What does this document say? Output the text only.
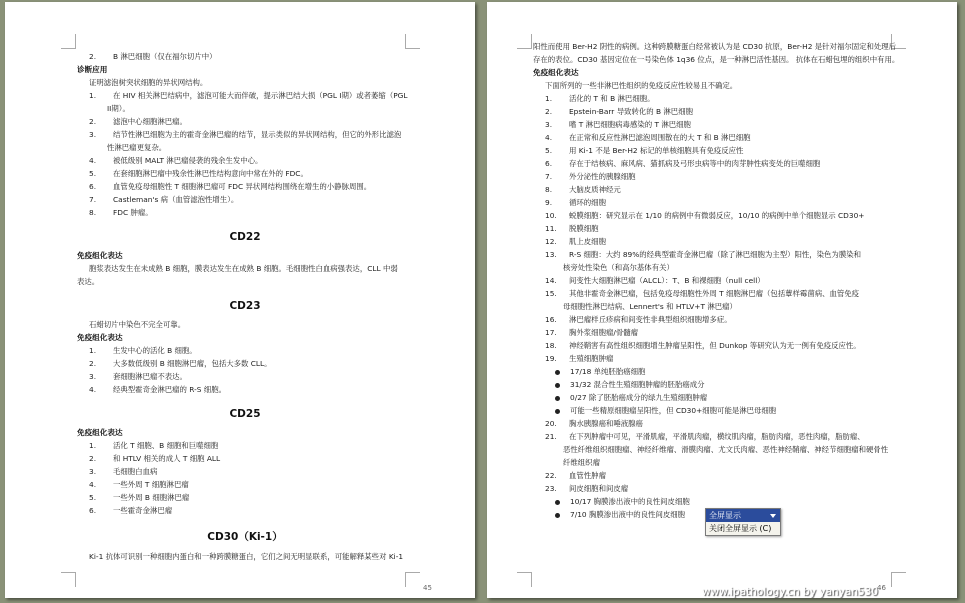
2. B 淋巴细胞（仅在福尔切片中）
诊断应用
证明滤泡树突状细胞的异状网结构。
1. 在 HIV 相关淋巴结病中，滤泡可能大而伴破，提示淋巴结大损（PGL I期）或者萎缩（PGL
II期）。
2. 滤泡中心细胞淋巴瘤。
3. 结节性淋巴细胞为主的霍奇金淋巴瘤的结节，显示类似的异状网结构，但它的外形比滤泡
性淋巴瘤更复杂。
4. 被低级别 MALT 淋巴瘤侵袭的残余生发中心。
5. 在套细胞淋巴瘤中残余性淋巴性结构意向中常在外的 FDC。
6. 血管免疫母细胞性 T 细胞淋巴瘤可 FDC 异状网结构围绕在增生的小静脉周围。
7. Castleman's 病（血管滤泡性增生）。
8. FDC 肿瘤。
CD22
免疫组化表达
胞浆表达发生在未成熟 B 细胞，膜表达发生在成熟 B 细胞。毛细胞性白血病强表达，CLL 中弱
表达。
CD23
石蜡切片中染色不完全可靠。
免疫组化表达
1. 生发中心的活化 B 细胞。
2. 大多数低级别 B 细胞淋巴瘤，包括大多数 CLL。
3. 套细胞淋巴瘤不表达。
4. 经典型霍奇金淋巴瘤的 R-S 细胞。
CD25
免疫组化表达
1. 活化 T 细胞、B 细胞和巨噬细胞
2. 和 HTLV 相关的成人 T 细胞 ALL
3. 毛细胞白血病
4. 一些外周 T 细胞淋巴瘤
5. 一些外周 B 细胞淋巴瘤
6. 一些霍奇金淋巴瘤
CD30（Ki-1）
Ki-1 抗体可识别一种细胞内蛋白和一种跨膜糖蛋白，它们之间无明显联系，可能解释某些对 Ki-1
45
阳性而使用 Ber-H2 阴性的病例。这种跨膜糖蛋白经常被认为是 CD30 抗原，Ber-H2 是针对福尔固定和处理后存在的表位。CD30 基因定位在一号染色体 1q36 位点，是一种淋巴活性基因。 抗体在石蜡包埋的组织中有用。
免疫组化表达
下面所列的一些非淋巴性组织的免疫反应性较易且不确定。
1. 活化的 T 和 B 淋巴细胞。
2. Epstein-Barr 导致转化的 B 淋巴细胞
3. 嗜 T 淋巴细胞病毒感染的 T 淋巴细胞
4. 在正常和反应性淋巴滤泡周围散在的大 T 和 B 淋巴细胞
5. 用 Ki-1 不是 Ber-H2 标记的单核细胞具有免疫反应性
6. 存在于结核病、麻风病、猫抓病及弓形虫病等中的肉芽肿性病变处的巨噬细胞
7. 外分泌性的胰腺细胞
8. 大脑皮质神经元
9. 循环的细胞
10. 蜕膜细胞：研究显示在 1/10 的病例中有微弱反应，10/10 的病例中单个细胞显示 CD30+
11. 脱膜细胞
12. 肌上皮细胞
13. R-S 细胞：大约 89%的经典型霍奇金淋巴瘤（除了淋巴细胞为主型）阳性，染色为膜染和
核旁处性染色（和高尔基体有关）
14. 间变性大细胞淋巴瘤（ALCL）：T、B 和裸细胞（null cell）
15. 其他非霍奇金淋巴瘤，包括免疫母细胞性外周 T 细胞淋巴瘤（包括蕈样霉菌病、血管免疫
母细胞性淋巴结病、Lennert's 和 HTLV+T 淋巴瘤）
16. 淋巴瘤样丘疹病和间变性非典型组织细胞增多症。
17. 胸外浆细胞瘤/骨髓瘤
18. 神经鞘害有高性组织细胞增生肿瘤呈阳性，但 Dunkop 等研究认为无一例有免疫反应性。
19. 生殖细胞肿瘤
17/18 单纯胚胎癌细胞
31/32 混合性生殖细胞肿瘤的胚胎癌成分
0/27 除了胚胎癌成分的绿九生殖细胞肿瘤
可能一些精原细胞瘤呈阳性，但 CD30+细胞可能是淋巴母细胞
20. 胸水胰腺癌和唾液腺癌
21. 在下列肿瘤中可见，平滑肌瘤，平滑肌肉瘤，横纹肌肉瘤，脂肪肉瘤，恶性肉瘤，脂肪瘤、
恶性纤维组织细胞瘤、神经纤维瘤、滑膜肉瘤、尤文氏肉瘤、恶性神经鞘瘤、神经节细胞瘤和硬骨性
纤维组织瘤
22. 血管性肿瘤
23. 间皮细胞和间皮瘤
10/17 胸膜渗出液中的良性间皮细胞
7/10 胸膜渗出液中的良性间皮细胞
46
全屏显示
关闭全屏显示 (C)
www.ipathology.cn by yanyan530
